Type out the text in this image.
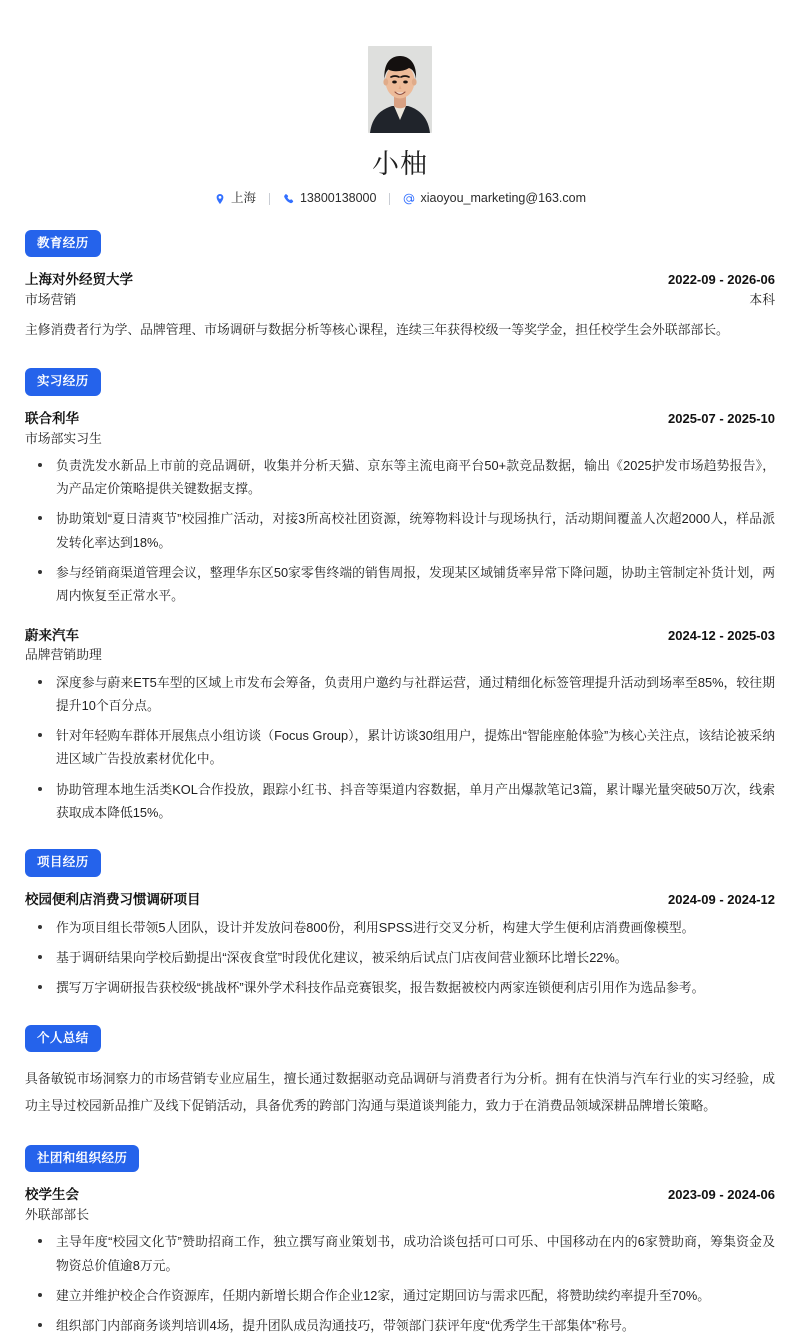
小柚
上海	13800138000	xiaoyou_marketing@163.com
教育经历
上海对外经贸大学	2022-09 - 2026-06
市场营销	本科
主修消费者行为学、品牌管理、市场调研与数据分析等核心课程，连续三年获得校级一等奖学金，担任校学生会外联部部长。
实习经历
联合利华	2025-07 - 2025-10
市场部实习生
负责洗发水新品上市前的竞品调研，收集并分析天猫、京东等主流电商平台50+款竞品数据，输出《2025护发市场趋势报告》，为产品定价策略提供关键数据支撑。
协助策划“夏日清爽节”校园推广活动，对接3所高校社团资源，统筹物料设计与现场执行，活动期间覆盖人次超2000人，样品派发转化率达到18%。
参与经销商渠道管理会议，整理华东区50家零售终端的销售周报，发现某区域铺货率异常下降问题，协助主管制定补货计划，两周内恢复至正常水平。
蔚来汽车	2024-12 - 2025-03
品牌营销助理
深度参与蔚来ET5车型的区域上市发布会筹备，负责用户邀约与社群运营，通过精细化标签管理提升活动到场率至85%，较往期提升10个百分点。
针对年轻购车群体开展焦点小组访谈（Focus Group），累计访谈30组用户，提炼出“智能座舱体验”为核心关注点，该结论被采纳进区域广告投放素材优化中。
协助管理本地生活类KOL合作投放，跟踪小红书、抖音等渠道内容数据，单月产出爆款笔记3篇，累计曝光量突破50万次，线索获取成本降低15%。
项目经历
校园便利店消费习惯调研项目	2024-09 - 2024-12
作为项目组长带领5人团队，设计并发放问卷800份，利用SPSS进行交叉分析，构建大学生便利店消费画像模型。
基于调研结果向学校后勤提出“深夜食堂”时段优化建议，被采纳后试点门店夜间营业额环比增长22%。
撰写万字调研报告获校级“挑战杯”课外学术科技作品竞赛银奖，报告数据被校内两家连锁便利店引用作为选品参考。
个人总结
具备敏锐市场洞察力的市场营销专业应届生，擅长通过数据驱动竞品调研与消费者行为分析。拥有在快消与汽车行业的实习经验，成功主导过校园新品推广及线下促销活动，具备优秀的跨部门沟通与渠道谈判能力，致力于在消费品领域深耕品牌增长策略。
社团和组织经历
校学生会	2023-09 - 2024-06
外联部部长
主导年度“校园文化节”赞助招商工作，独立撰写商业策划书，成功洽谈包括可口可乐、中国移动在内的6家赞助商，筹集资金及物资总价值逾8万元。
建立并维护校企合作资源库，任期内新增长期合作企业12家，通过定期回访与需求匹配，将赞助续约率提升至70%。
组织部门内部商务谈判培训4场，提升团队成员沟通技巧，带领部门获评年度“优秀学生干部集体”称号。
